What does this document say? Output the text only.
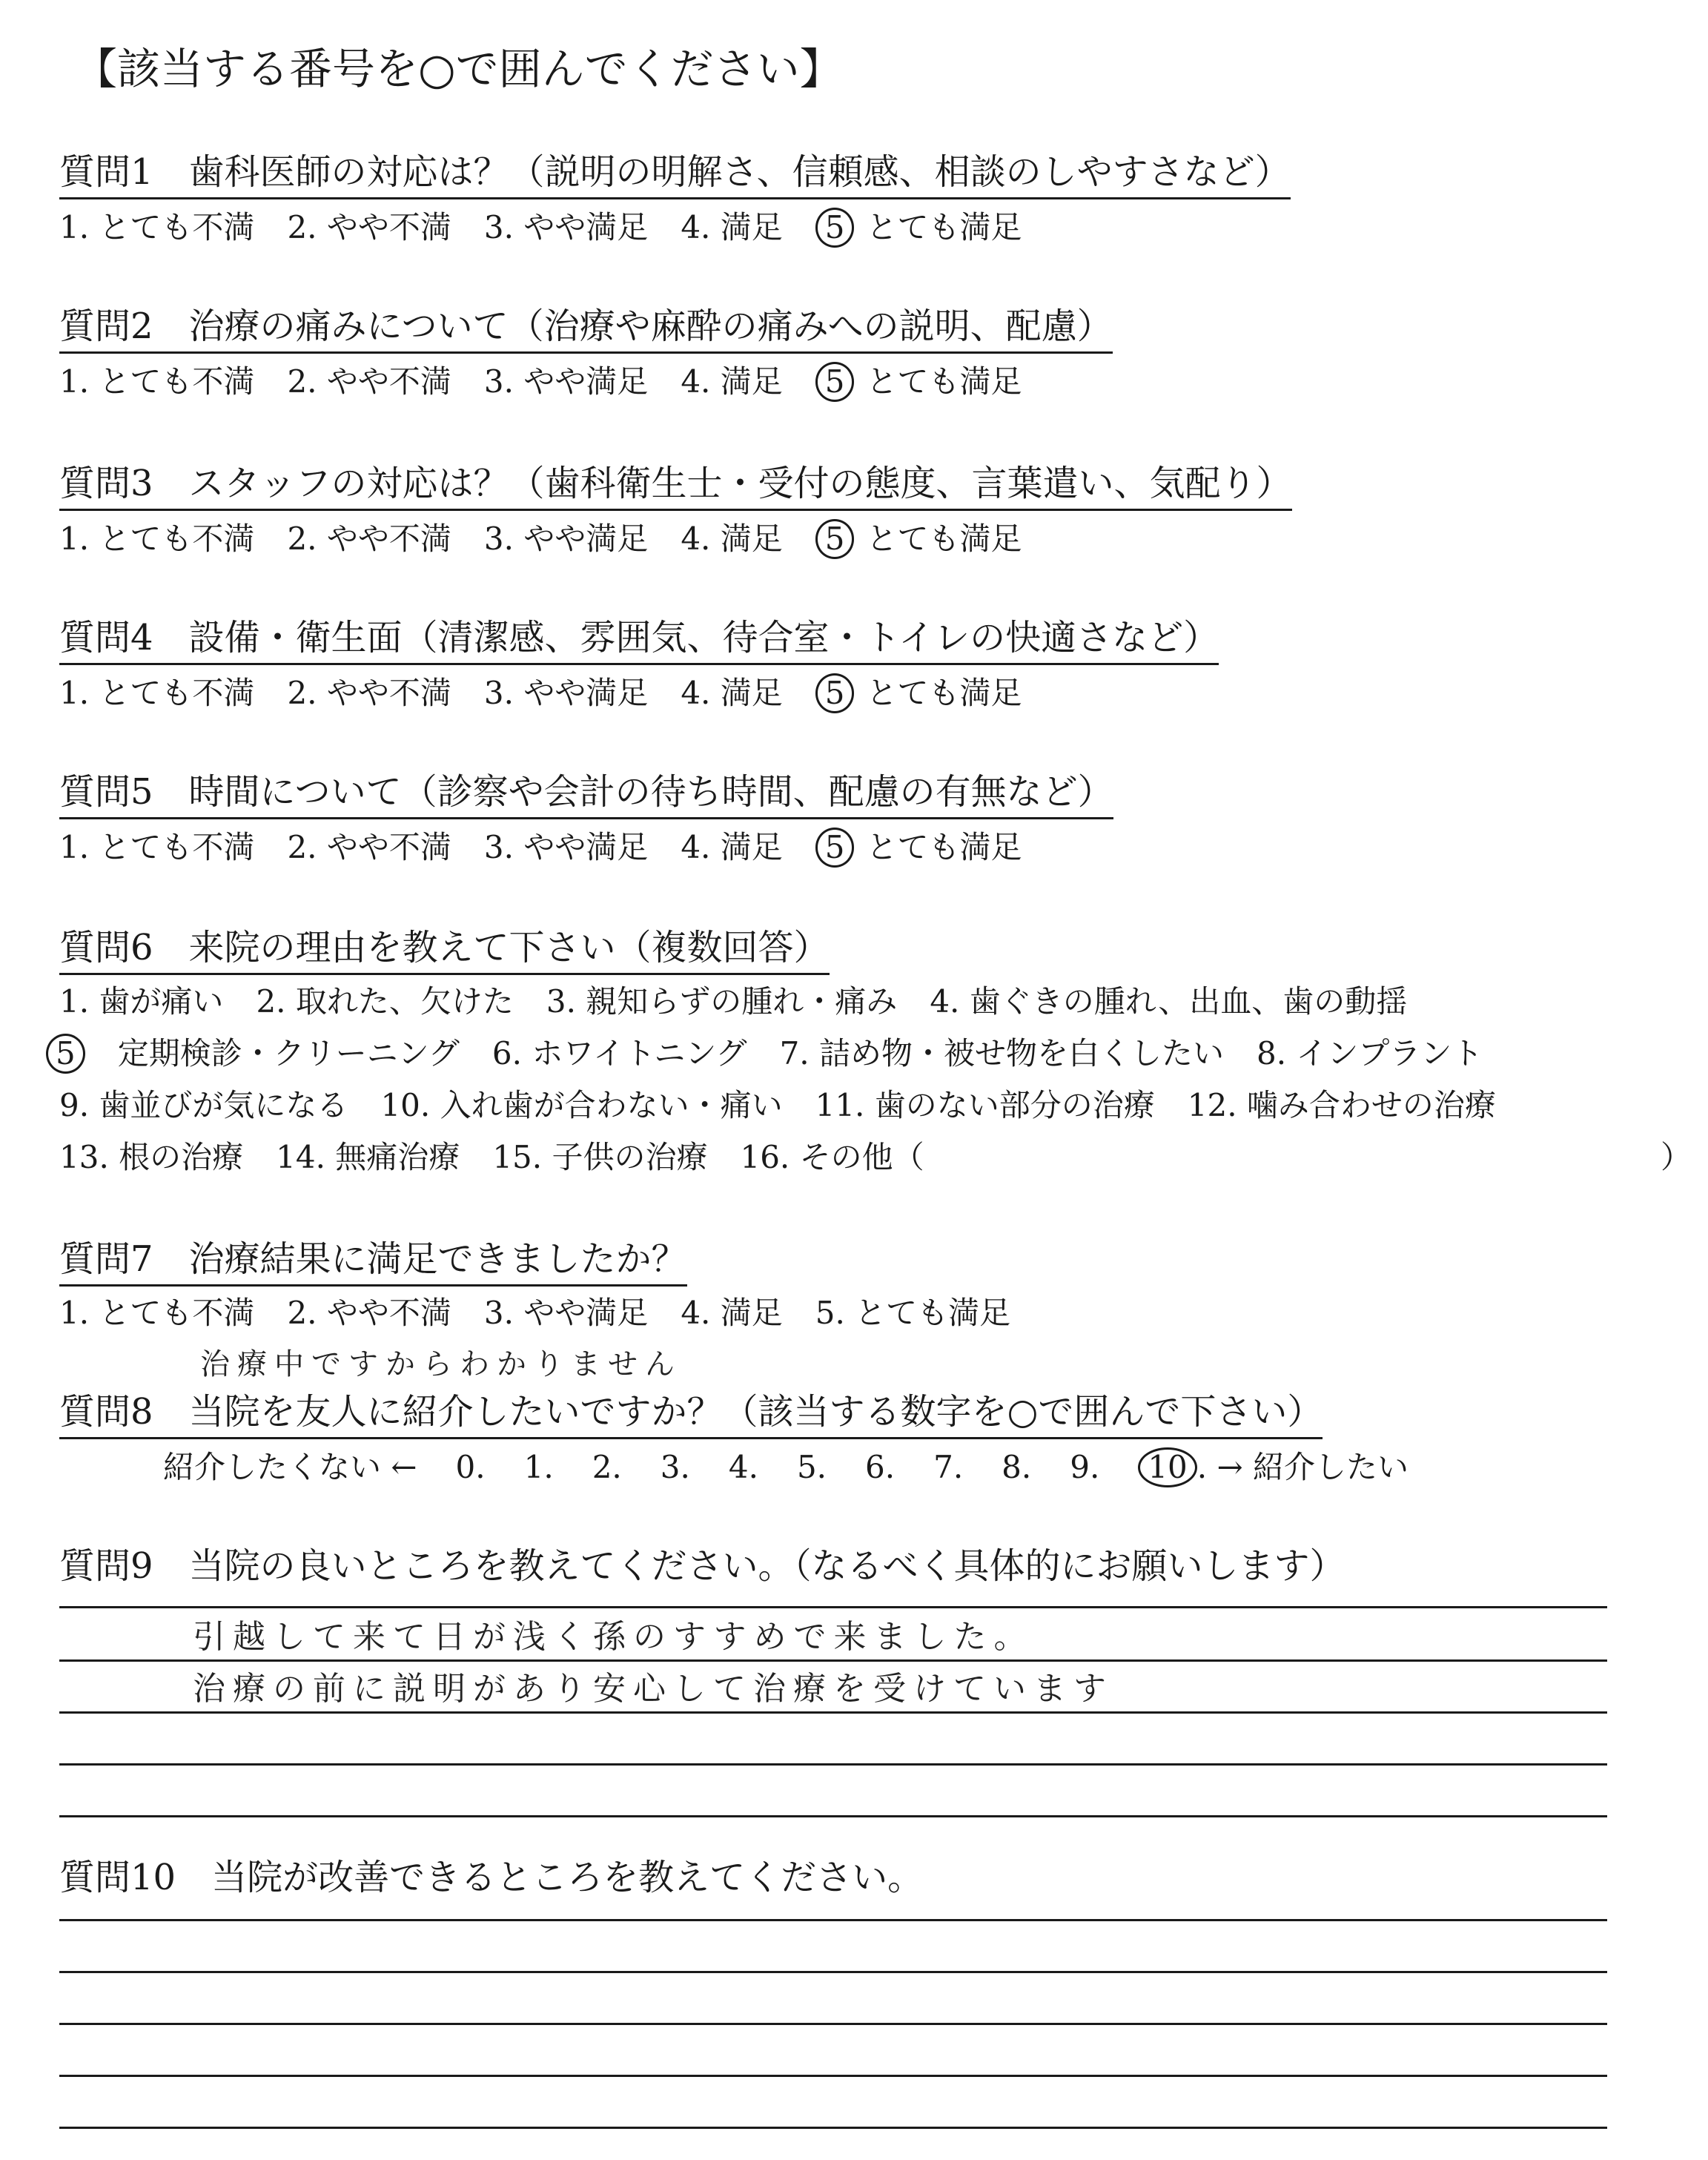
【該当する番号を○で囲んでください】
質問1　歯科医師の対応は？（説明の明解さ、信頼感、相談のしやすさなど）
1. とても不満 2. やや不満 3. やや満足 4. 満足 5 とても満足
質問2　治療の痛みについて（治療や麻酔の痛みへの説明、配慮）
1. とても不満 2. やや不満 3. やや満足 4. 満足 5 とても満足
質問3　スタッフの対応は？（歯科衛生士・受付の態度、言葉遣い、気配り）
1. とても不満 2. やや不満 3. やや満足 4. 満足 5 とても満足
質問4　設備・衛生面（清潔感、雰囲気、待合室・トイレの快適さなど）
1. とても不満 2. やや不満 3. やや満足 4. 満足 5 とても満足
質問5　時間について（診察や会計の待ち時間、配慮の有無など）
1. とても不満 2. やや不満 3. やや満足 4. 満足 5 とても満足
質問6　来院の理由を教えて下さい（複数回答）
1. 歯が痛い 2. 取れた、欠けた 3. 親知らずの腫れ・痛み 4. 歯ぐきの腫れ、出血、歯の動揺
5 定期検診・クリーニング 6. ホワイトニング 7. 詰め物・被せ物を白くしたい 8. インプラント
9. 歯並びが気になる 10. 入れ歯が合わない・痛い 11. 歯のない部分の治療 12. 噛み合わせの治療
13. 根の治療 14. 無痛治療 15. 子供の治療 16. その他（	）
質問7　治療結果に満足できましたか？
1. とても不満 2. やや不満 3. やや満足 4. 満足 5. とても満足
治療中ですからわかりません
質問8　当院を友人に紹介したいですか？（該当する数字を○で囲んで下さい）
紹介したくない ← 0. 1. 2. 3. 4. 5. 6. 7. 8. 9. 10 . → 紹介したい
質問9　当院の良いところを教えてください。（なるべく具体的にお願いします）
引越して来て日が浅く孫のすすめで来ました。
治療の前に説明があり安心して治療を受けています
質問10　当院が改善できるところを教えてください。
